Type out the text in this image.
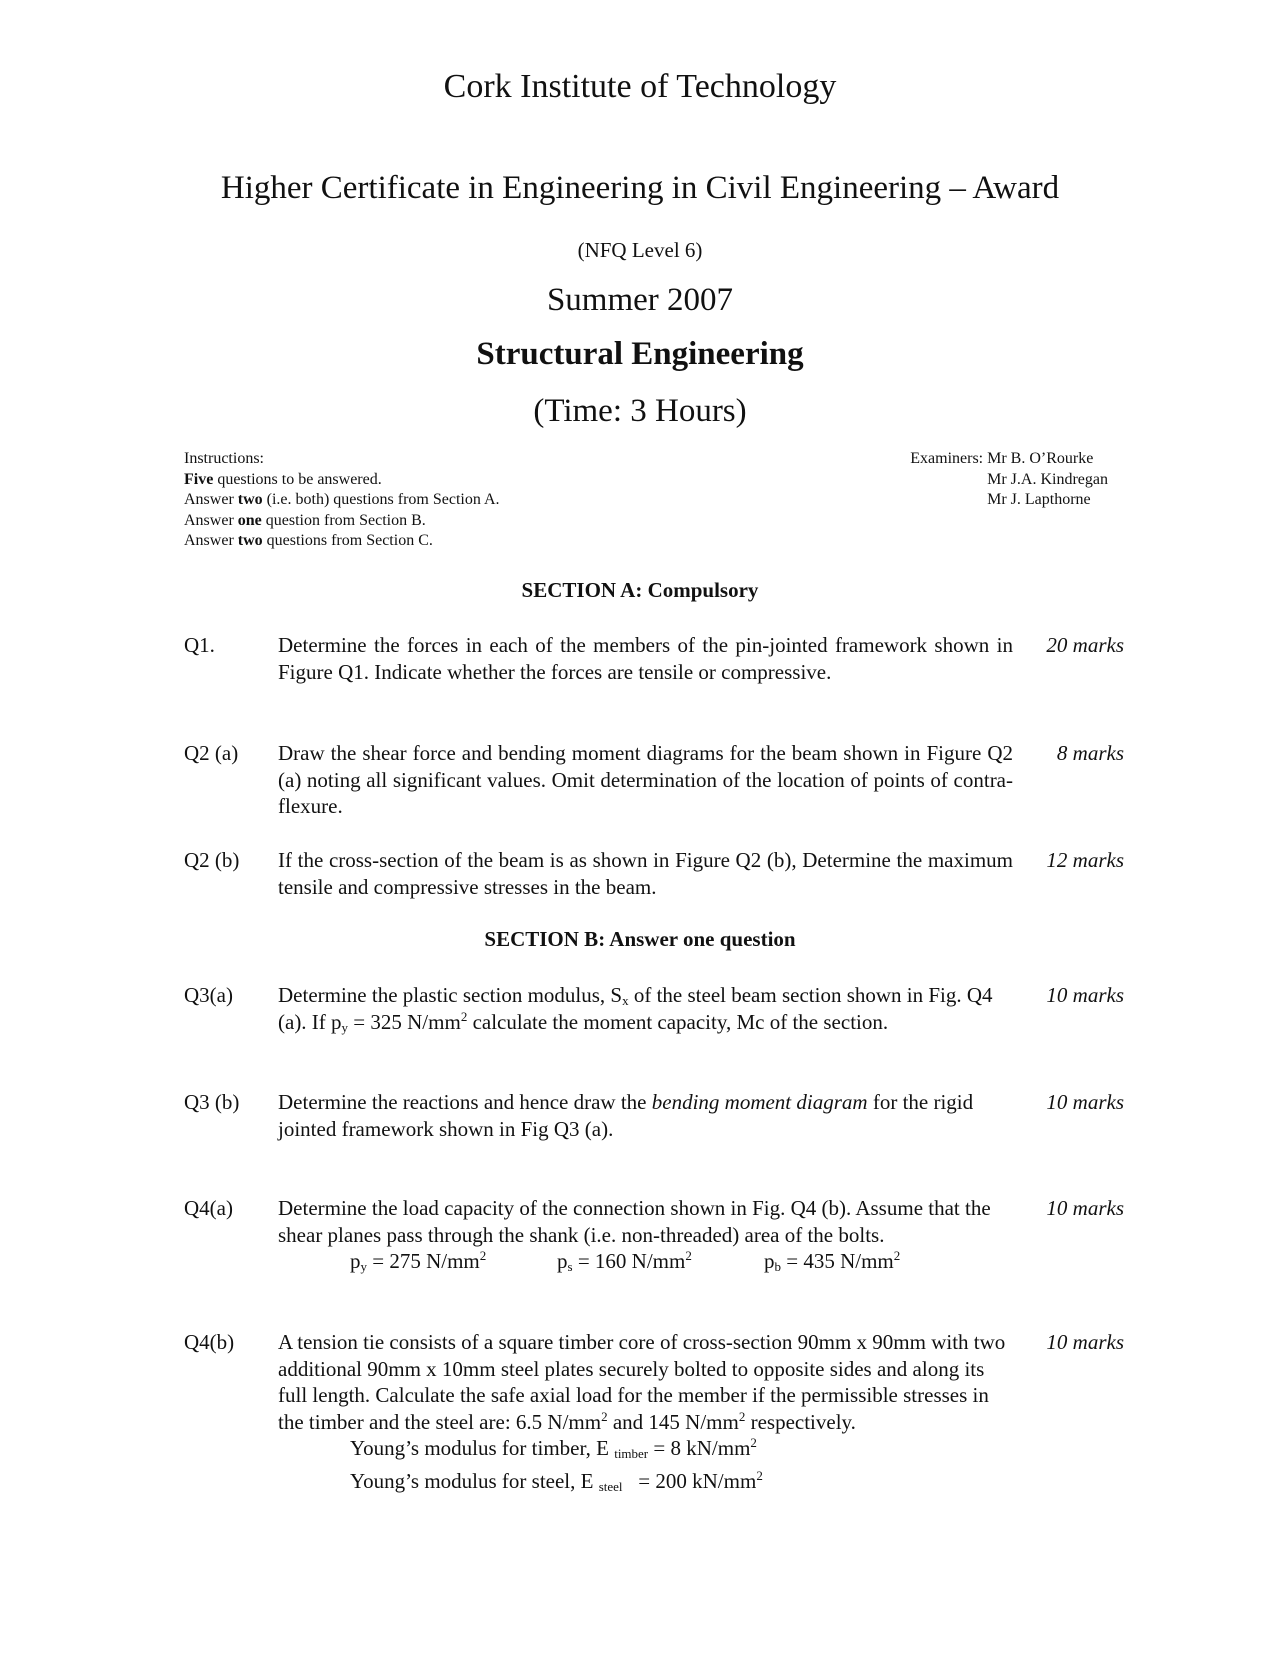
Cork Institute of Technology
Higher Certificate in Engineering in Civil Engineering – Award
(NFQ Level 6)
Summer 2007
Structural Engineering
(Time: 3 Hours)
Instructions:
Five questions to be answered.
Answer two (i.e. both) questions from Section A.
Answer one question from Section B.
Answer two questions from Section C.
Examiners: Mr B. O’Rourke
Mr J.A. Kindregan
Mr J. Lapthorne
SECTION A: Compulsory
Q1.	Determine the forces in each of the members of the pin-jointed framework shown in Figure Q1. Indicate whether the forces are tensile or compressive.
20 marks
Q2 (a) Draw the shear force and bending moment diagrams for the beam shown in Figure Q2 (a) noting all significant values. Omit determination of the location of points of contra-flexure.
8 marks
Q2 (b) If the cross-section of the beam is as shown in Figure Q2 (b), Determine the maximum tensile and compressive stresses in the beam.
12 marks
SECTION B: Answer one question
Q3(a) Determine the plastic section modulus, $S_x$ of the steel beam section shown in Fig. Q4 (a). If $p_y = 325$ $N/mm^2$ calculate the moment capacity, Mc of the section.
10 marks
Q3 (b) Determine the reactions and hence draw the bending moment diagram for the rigid jointed framework shown in Fig Q3 (a).
10 marks
Q4(a) Determine the load capacity of the connection shown in Fig. Q4 (b). Assume that the shear planes pass through the shank (i.e. non-threaded) area of the bolts.
py = 275 $N/mm^2$	ps = 160 $N/mm^2$	pb = 435 $N/mm^2$
10 marks
Q4(b) A tension tie consists of a square timber core of cross-section 90mm x 90mm with two additional 90mm x 10mm steel plates securely bolted to opposite sides and along its full length. Calculate the safe axial load for the member if the permissible stresses in the timber and the steel are: 6.5 $N/mm^2$ and 145 $N/mm^2$ respectively.
Young’s modulus for timber, E timber = 8 $kN/mm^2$
Young’s modulus for steel, E steel   = 200 $kN/mm^2$
10 marks
